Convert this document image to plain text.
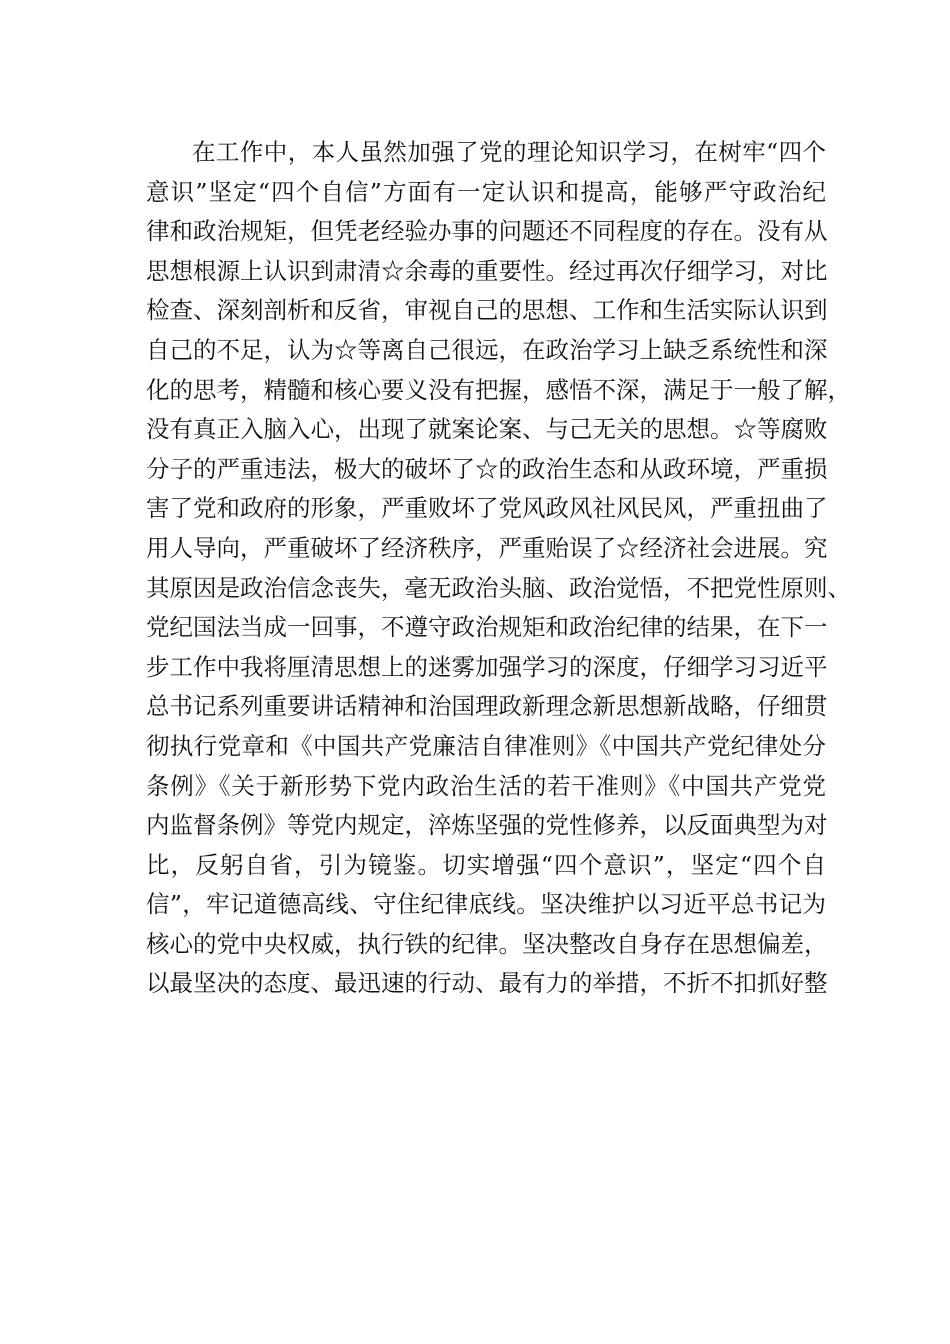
在工作中，本人虽然加强了党的理论知识学习，在树牢“四个
意识”坚定“四个自信”方面有一定认识和提高，能够严守政治纪
律和政治规矩，但凭老经验办事的问题还不同程度的存在。没有从
思想根源上认识到肃清☆余毒的重要性。经过再次仔细学习，对比
检查、深刻剖析和反省，审视自己的思想、工作和生活实际认识到
自己的不足，认为☆等离自己很远，在政治学习上缺乏系统性和深
化的思考，精髓和核心要义没有把握，感悟不深，满足于一般了解，
没有真正入脑入心，出现了就案论案、与己无关的思想。☆等腐败
分子的严重违法，极大的破坏了☆的政治生态和从政环境，严重损
害了党和政府的形象，严重败坏了党风政风社风民风，严重扭曲了
用人导向，严重破坏了经济秩序，严重贻误了☆经济社会进展。究
其原因是政治信念丧失，毫无政治头脑、政治觉悟，不把党性原则、
党纪国法当成一回事，不遵守政治规矩和政治纪律的结果，在下一
步工作中我将厘清思想上的迷雾加强学习的深度，仔细学习习近平
总书记系列重要讲话精神和治国理政新理念新思想新战略，仔细贯
彻执行党章和《中国共产党廉洁自律准则》《中国共产党纪律处分
条例》《关于新形势下党内政治生活的若干准则》《中国共产党党
内监督条例》等党内规定，淬炼坚强的党性修养，以反面典型为对
比，反躬自省，引为镜鉴。切实增强“四个意识”，坚定“四个自
信”，牢记道德高线、守住纪律底线。坚决维护以习近平总书记为
核心的党中央权威，执行铁的纪律。坚决整改自身存在思想偏差，
以最坚决的态度、最迅速的行动、最有力的举措，不折不扣抓好整
